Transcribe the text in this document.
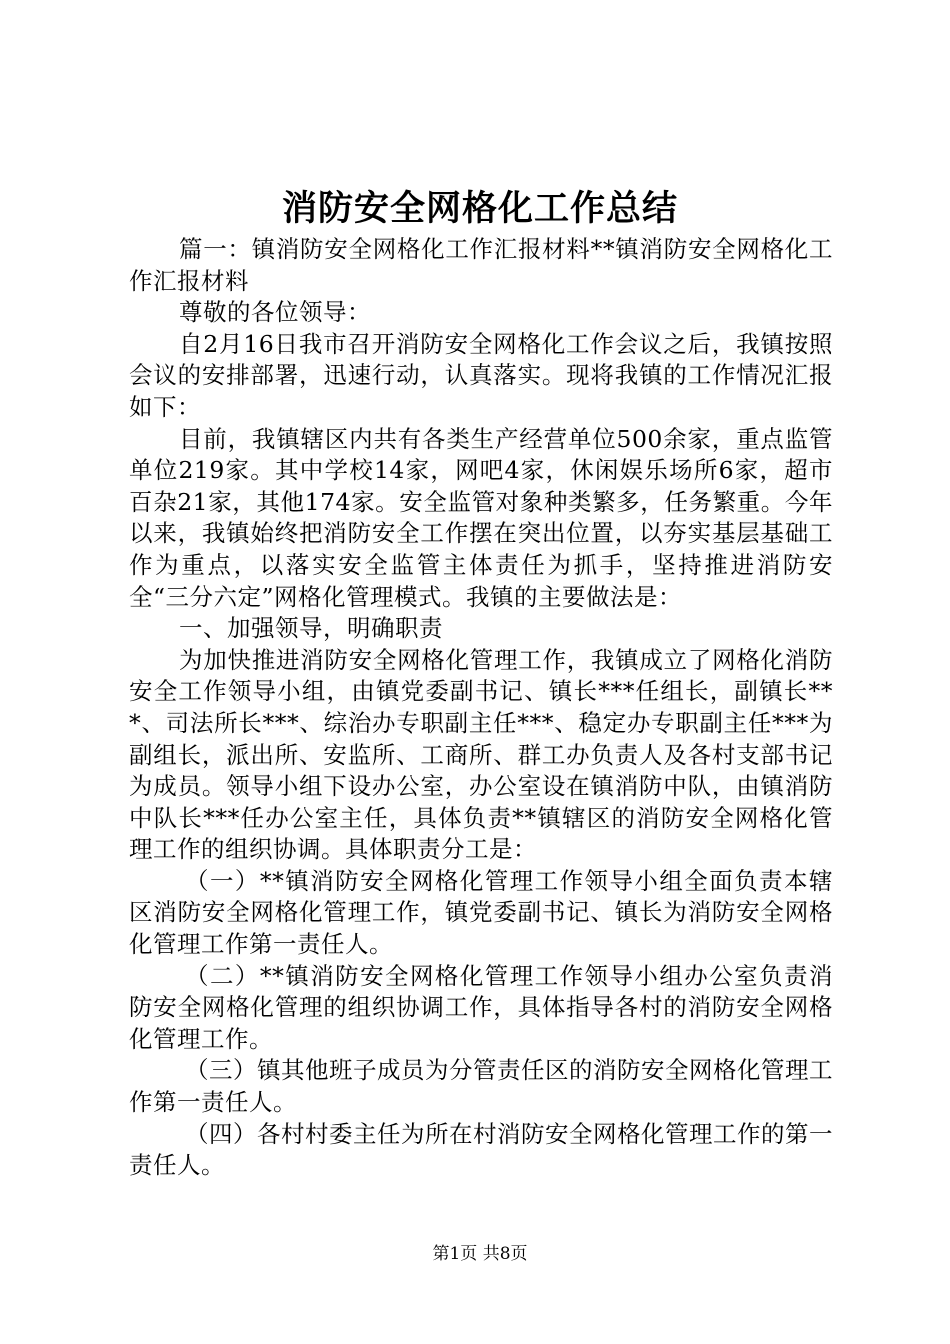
消防安全网格化工作总结

篇一：镇消防安全网格化工作汇报材料**镇消防安全网格化工作汇报材料

尊敬的各位领导：

自2月16日我市召开消防安全网格化工作会议之后，我镇按照会议的安排部署，迅速行动，认真落实。现将我镇的工作情况汇报如下：

目前，我镇辖区内共有各类生产经营单位500余家，重点监管单位219家。其中学校14家，网吧4家，休闲娱乐场所6家，超市百杂21家，其他174家。安全监管对象种类繁多，任务繁重。今年以来，我镇始终把消防安全工作摆在突出位置，以夯实基层基础工作为重点，以落实安全监管主体责任为抓手，坚持推进消防安全“三分六定”网格化管理模式。我镇的主要做法是：

一、加强领导，明确职责

为加快推进消防安全网格化管理工作，我镇成立了网格化消防安全工作领导小组，由镇党委副书记、镇长***任组长，副镇长***、司法所长***、综治办专职副主任***、稳定办专职副主任***为副组长，派出所、安监所、工商所、群工办负责人及各村支部书记为成员。领导小组下设办公室，办公室设在镇消防中队，由镇消防中队长***任办公室主任，具体负责**镇辖区的消防安全网格化管理工作的组织协调。具体职责分工是：

（一）**镇消防安全网格化管理工作领导小组全面负责本辖区消防安全网格化管理工作，镇党委副书记、镇长为消防安全网格化管理工作第一责任人。

（二）**镇消防安全网格化管理工作领导小组办公室负责消防安全网格化管理的组织协调工作，具体指导各村的消防安全网格化管理工作。

（三）镇其他班子成员为分管责任区的消防安全网格化管理工作第一责任人。

（四）各村村委主任为所在村消防安全网格化管理工作的第一责任人。

第1页 共8页
